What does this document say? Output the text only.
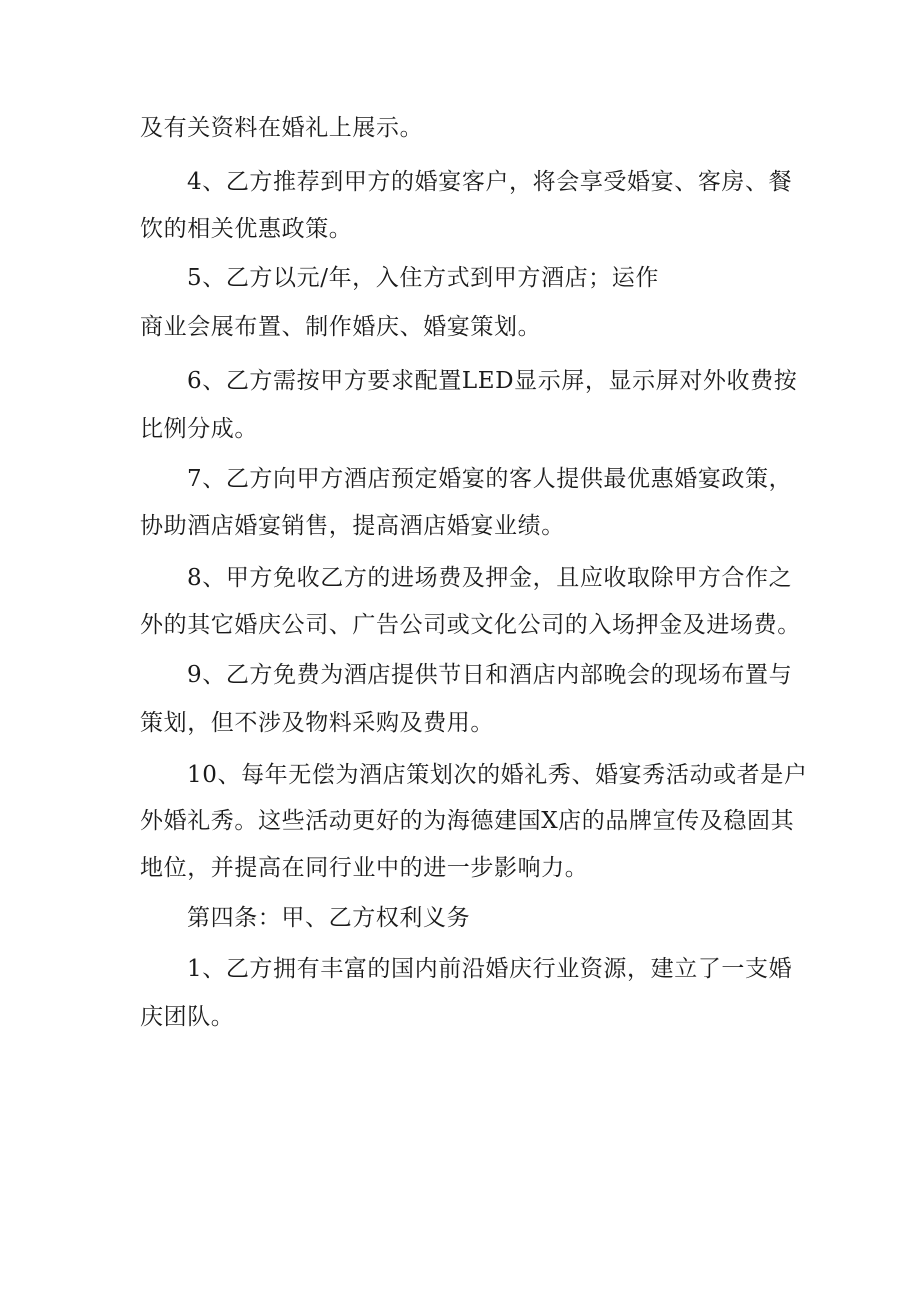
及有关资料在婚礼上展示。
4、乙方推荐到甲方的婚宴客户，将会享受婚宴、客房、餐
饮的相关优惠政策。
5、乙方以元/年，入住方式到甲方酒店；运作
商业会展布置、制作婚庆、婚宴策划。
6、乙方需按甲方要求配置LED显示屏，显示屏对外收费按
比例分成。
7、乙方向甲方酒店预定婚宴的客人提供最优惠婚宴政策，
协助酒店婚宴销售，提高酒店婚宴业绩。
8、甲方免收乙方的进场费及押金，且应收取除甲方合作之
外的其它婚庆公司、广告公司或文化公司的入场押金及进场费。
9、乙方免费为酒店提供节日和酒店内部晚会的现场布置与
策划，但不涉及物料采购及费用。
10、每年无偿为酒店策划次的婚礼秀、婚宴秀活动或者是户
外婚礼秀。这些活动更好的为海德建国X店的品牌宣传及稳固其
地位，并提高在同行业中的进一步影响力。
第四条：甲、乙方权利义务
1、乙方拥有丰富的国内前沿婚庆行业资源，建立了一支婚
庆团队。
